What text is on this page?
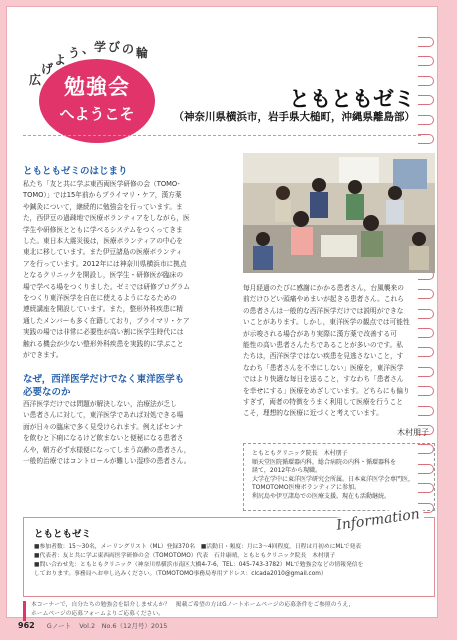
広
げ
よ う 、 学 び の 輪
勉強会
へようこそ
ともともゼミ
（神奈川県横浜市，岩手県大槌町，沖縄県離島部）
ともともゼミのはじまり
私たち「友と共に学ぶ東西両医学研修の会（TOMO-
TOMO）」では15年前からプライマリ・ケア，漢方薬
や鍼灸について，継続的に勉強会を行っています。ま
た，西伊豆の過疎地で医療ボランティアをしながら，医
学生や研修医とともに学べるシステムをつくってきま
した。東日本大震災後は，医療ボランティアの中心を
東北に移しています。また伊豆諸島の医療ボランティ
アを行っています。2012年には神奈川県横浜市に拠点
となるクリニックを開設し，医学生・研修医が臨床の
場で学べる場をつくりました。ゼミでは研修プログラム
をつくり東洋医学を自在に使えるようになるための
連続講座を開設しています。また，整形外科疾患に精
通したメンバーも多く在籍しており，プライマリ・ケア
実践の場では非常に必要性が高い割に医学生時代には
触れる機会が少ない整形外科疾患を実践的に学ぶこと
ができます。
なぜ，西洋医学だけでなく東洋医学も
必要なのか
西洋医学だけでは問題が解決しない，治療法が乏し
い患者さんに対して，東洋医学であれば対処できる場
面が日々の臨床で多く見受けられます。例えばセンナ
を飲むと下痢になるけど飲まないと便秘になる患者さ
んや，朝方必ず水様便になってしまう高齢の患者さん，
一般的治療ではコントロールが難しい湿疹の患者さん。
毎月経過のたびに感謝にかかる患者さん，台風襲来の
前だけひどい頭痛やめまいが起きる患者さん。これら
の患者さんは一般的な西洋医学だけでは説明ができな
いことがあります。しかし，東洋医学の観点では可能性
が示唆される場合があり実際に漢方薬で改善する可
能性の高い患者さんたちであることが多いのです。私
たちは，西洋医学ではない疾患を見逃さないこと，す
なわち「患者さんを不幸にしない」医療を，東洋医学
ではより快適な毎日を送ること，すなわち「患者さん
を幸せにする」医療をめざしています。どちらにも偏り
すぎず，両者の特徴をうまく利用して医療を行うこと
こそ，理想的な医療に近づくと考えています。
木村朋子
ともともクリニック院長　木村朋子
順天堂医院循環器内科，総合病院の内科・循環器科を
経て，2012年から現職。
大学在学中に東洋医学研究会所属。日本東洋医学会専門医，
TOMOTOMO医療ボランティアに参加。
利尻島や伊豆諸島での医療支援。現在も活動継続。
Information
ともともゼミ
■参加者数：15〜30名，メーリングリスト（ML）登録370名　■活動日・頻度：月に3〜4回程度，日程は月初めにMLで発表
■代表者：友と共に学ぶ東西両医学研修の会（TOMOTOMO）代表　石井康晴，ともともクリニック院長　木村朋子
■問い合わせ先：ともともクリニック（神奈川県横浜市南区大橋4-7-6，TEL：045-743-3782）MLで勉強会などの情報発信を
しております。事務局へお申し込みください。（TOMOTOMO事務局専用アドレス：clcada2010@gmail.com）
本コーナーで，自分たちの勉強会を紹介しませんか？　掲載ご希望の方はGノートホームページの応募条件をご参照のうえ，
ホームページの応募フォームよりご応募ください。
962 Gノート Vol.2　No.6（12月号）2015
